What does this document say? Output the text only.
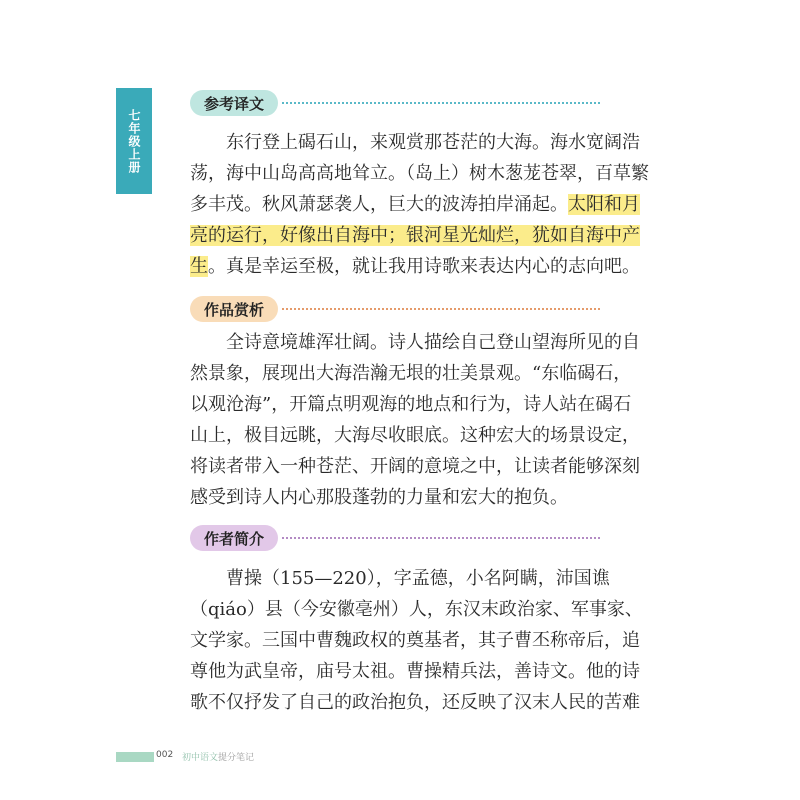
七年级上册
参考译文
东行登上碣石山，来观赏那苍茫的大海。海水宽阔浩
荡，海中山岛高高地耸立。（岛上）树木葱茏苍翠，百草繁
多丰茂。秋风萧瑟袭人，巨大的波涛拍岸涌起。太阳和月
亮的运行，好像出自海中；银河星光灿烂，犹如自海中产
生。真是幸运至极，就让我用诗歌来表达内心的志向吧。
作品赏析
全诗意境雄浑壮阔。诗人描绘自己登山望海所见的自
然景象，展现出大海浩瀚无垠的壮美景观。“东临碣石，
以观沧海”，开篇点明观海的地点和行为，诗人站在碣石
山上，极目远眺，大海尽收眼底。这种宏大的场景设定，
将读者带入一种苍茫、开阔的意境之中，让读者能够深刻
感受到诗人内心那股蓬勃的力量和宏大的抱负。
作者简介
曹操（155—220），字孟德，小名阿瞒，沛国谯
（qiáo）县（今安徽亳州）人，东汉末政治家、军事家、
文学家。三国中曹魏政权的奠基者，其子曹丕称帝后，追
尊他为武皇帝，庙号太祖。曹操精兵法，善诗文。他的诗
歌不仅抒发了自己的政治抱负，还反映了汉末人民的苦难
002 初中语文提分笔记
